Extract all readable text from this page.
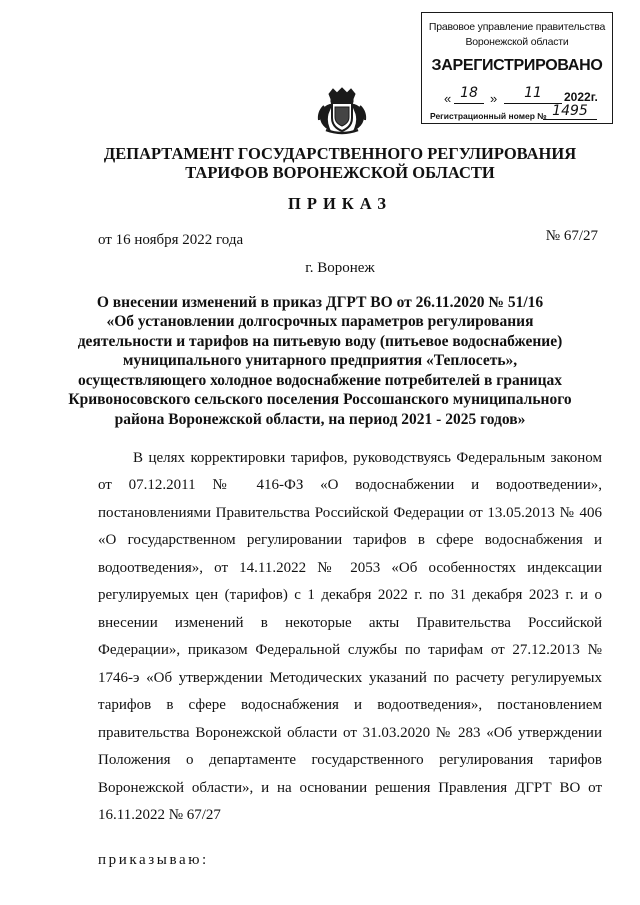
Правовое управление правительства
Воронежской области
ЗАРЕГИСТРИРОВАНО
« 18 »	11	2022г.
Регистрационный номер № 1495
ДЕПАРТАМЕНТ ГОСУДАРСТВЕННОГО РЕГУЛИРОВАНИЯ
ТАРИФОВ ВОРОНЕЖСКОЙ ОБЛАСТИ
ПРИКАЗ
от 16 ноября 2022 года	№ 67/27
г. Воронеж
О внесении изменений в приказ ДГРТ ВО от 26.11.2020 № 51/16
«Об установлении долгосрочных параметров регулирования
деятельности и тарифов на питьевую воду (питьевое водоснабжение)
муниципального унитарного предприятия «Теплосеть»,
осуществляющего холодное водоснабжение потребителей в границах
Кривоносовского сельского поселения Россошанского муниципального
района Воронежской области, на период 2021 - 2025 годов»
В целях корректировки тарифов, руководствуясь Федеральным законом
от 07.12.2011 № 416-ФЗ «О водоснабжении и водоотведении»,
постановлениями Правительства Российской Федерации от 13.05.2013 № 406
«О государственном регулировании тарифов в сфере водоснабжения и
водоотведения», от 14.11.2022 № 2053 «Об особенностях индексации
регулируемых цен (тарифов) с 1 декабря 2022 г. по 31 декабря 2023 г. и о
внесении изменений в некоторые акты Правительства Российской
Федерации», приказом Федеральной службы по тарифам от 27.12.2013 №
1746-э «Об утверждении Методических указаний по расчету регулируемых
тарифов в сфере водоснабжения и водоотведения», постановлением
правительства Воронежской области от 31.03.2020 № 283 «Об утверждении
Положения о департаменте государственного регулирования тарифов
Воронежской области», и на основании решения Правления ДГРТ ВО от
16.11.2022 № 67/27
приказываю:
